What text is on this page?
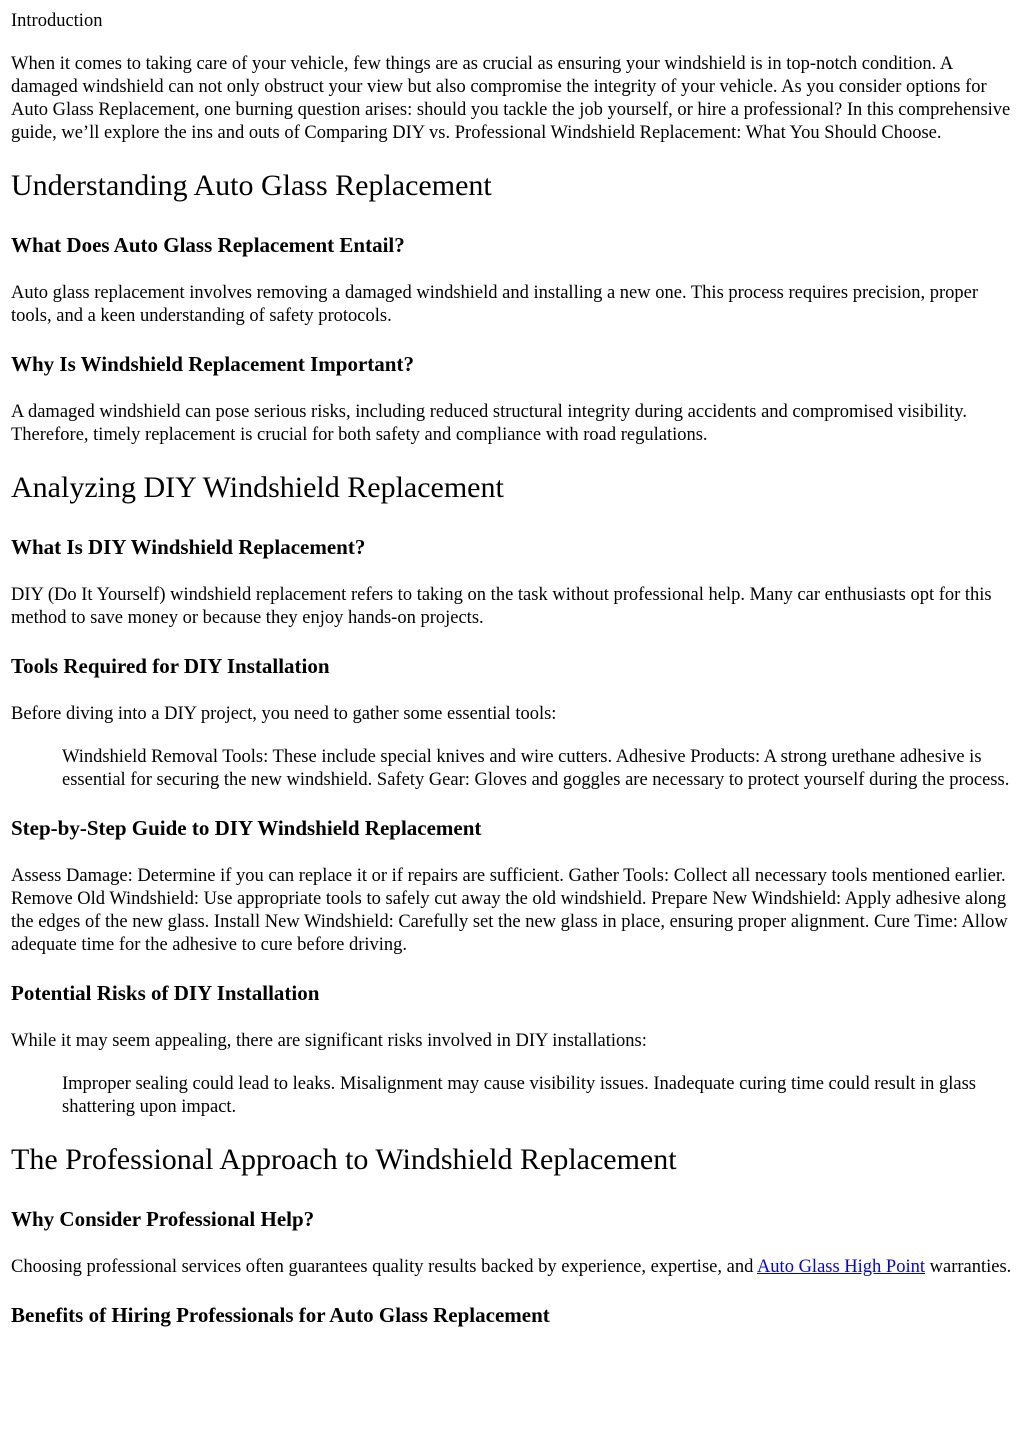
Introduction

When it comes to taking care of your vehicle, few things are as crucial as ensuring your windshield is in top-notch condition. A damaged windshield can not only obstruct your view but also compromise the integrity of your vehicle. As you consider options for Auto Glass Replacement, one burning question arises: should you tackle the job yourself, or hire a professional? In this comprehensive guide, we’ll explore the ins and outs of Comparing DIY vs. Professional Windshield Replacement: What You Should Choose.

Understanding Auto Glass Replacement
What Does Auto Glass Replacement Entail?

Auto glass replacement involves removing a damaged windshield and installing a new one. This process requires precision, proper tools, and a keen understanding of safety protocols.

Why Is Windshield Replacement Important?

A damaged windshield can pose serious risks, including reduced structural integrity during accidents and compromised visibility. Therefore, timely replacement is crucial for both safety and compliance with road regulations.

Analyzing DIY Windshield Replacement
What Is DIY Windshield Replacement?

DIY (Do It Yourself) windshield replacement refers to taking on the task without professional help. Many car enthusiasts opt for this method to save money or because they enjoy hands-on projects.

Tools Required for DIY Installation

Before diving into a DIY project, you need to gather some essential tools:

Windshield Removal Tools: These include special knives and wire cutters. Adhesive Products: A strong urethane adhesive is essential for securing the new windshield. Safety Gear: Gloves and goggles are necessary to protect yourself during the process.

Step-by-Step Guide to DIY Windshield Replacement

Assess Damage: Determine if you can replace it or if repairs are sufficient. Gather Tools: Collect all necessary tools mentioned earlier. Remove Old Windshield: Use appropriate tools to safely cut away the old windshield. Prepare New Windshield: Apply adhesive along the edges of the new glass. Install New Windshield: Carefully set the new glass in place, ensuring proper alignment. Cure Time: Allow adequate time for the adhesive to cure before driving.

Potential Risks of DIY Installation

While it may seem appealing, there are significant risks involved in DIY installations:

Improper sealing could lead to leaks. Misalignment may cause visibility issues. Inadequate curing time could result in glass shattering upon impact.

The Professional Approach to Windshield Replacement
Why Consider Professional Help?

Choosing professional services often guarantees quality results backed by experience, expertise, and Auto Glass High Point warranties.

Benefits of Hiring Professionals for Auto Glass Replacement
